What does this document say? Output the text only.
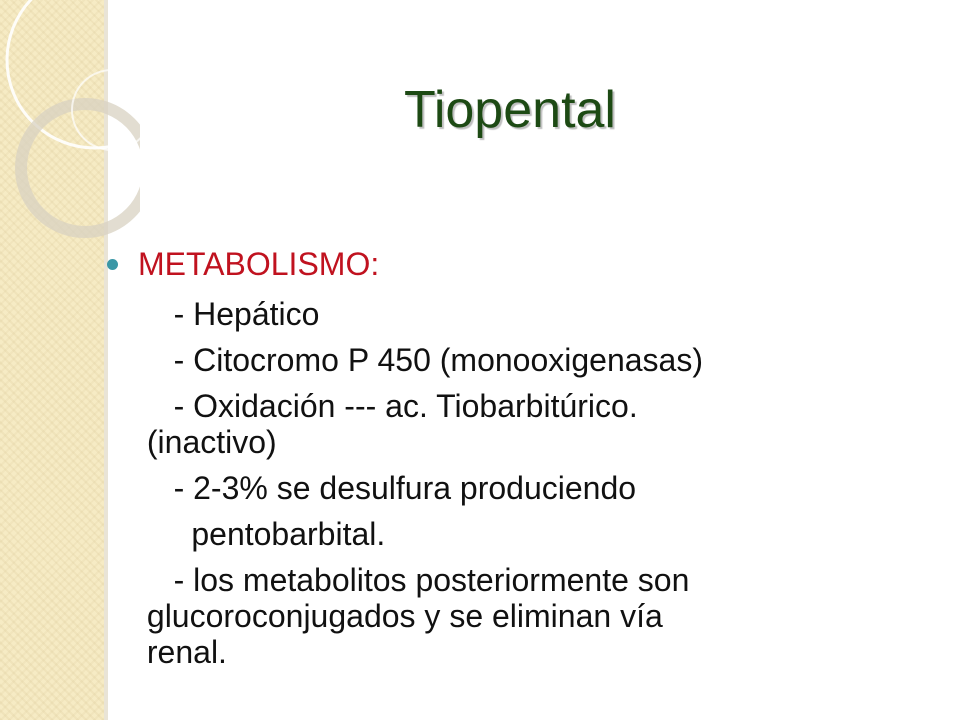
Tiopental

METABOLISMO:

- Hepático

- Citocromo P 450 (monooxigenasas)

- Oxidación --- ac. Tiobarbitúrico.

(inactivo)

- 2-3% se desulfura produciendo

pentobarbital.

- los metabolitos posteriormente son

glucoroconjugados y se eliminan vía

renal.
